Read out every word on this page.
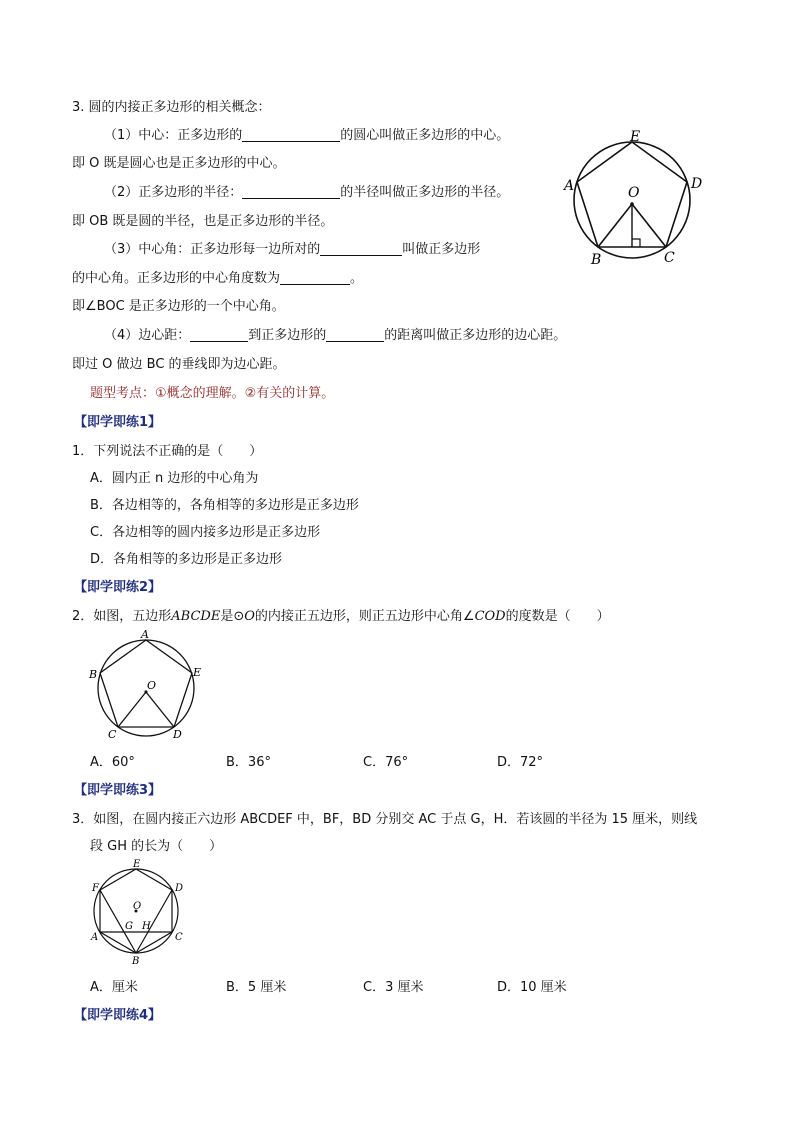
3. 圆的内接正多边形的相关概念：
（1）中心：正多边形的	的圆心叫做正多边形的中心。
即 O 既是圆心也是正多边形的中心。
（2）正多边形的半径：	的半径叫做正多边形的半径。
即 OB 既是圆的半径，也是正多边形的半径。
（3）中心角：正多边形每一边所对的	叫做正多边形
的中心角。正多边形的中心角度数为	。
即∠BOC 是正多边形的一个中心角。
（4）边心距：	到正多边形的	的距离叫做正多边形的边心距。
即过 O 做边 BC 的垂线即为边心距。
题型考点：①概念的理解。②有关的计算。
E
D
A	O
B	C
【即学即练1】
1．下列说法不正确的是（　　）
A．圆内正 n 边形的中心角为
B．各边相等的，各角相等的多边形是正多边形
C．各边相等的圆内接多边形是正多边形
D．各角相等的多边形是正多边形
【即学即练2】
2．如图，五边形ABCDE是⊙O的内接正五边形，则正五边形中心角∠COD的度数是（　　）
A
B	E
O
C	D
A．60°	B．36°	C．76°	D．72°
【即学即练3】
3．如图，在圆内接正六边形 ABCDEF 中，BF，BD 分别交 AC 于点 G，H．若该圆的半径为 15 厘米，则线
段 GH 的长为（　　）
E
F	D
O
G H
A	C
B
A．厘米	B．5 厘米	C．3 厘米	D．10 厘米
【即学即练4】
